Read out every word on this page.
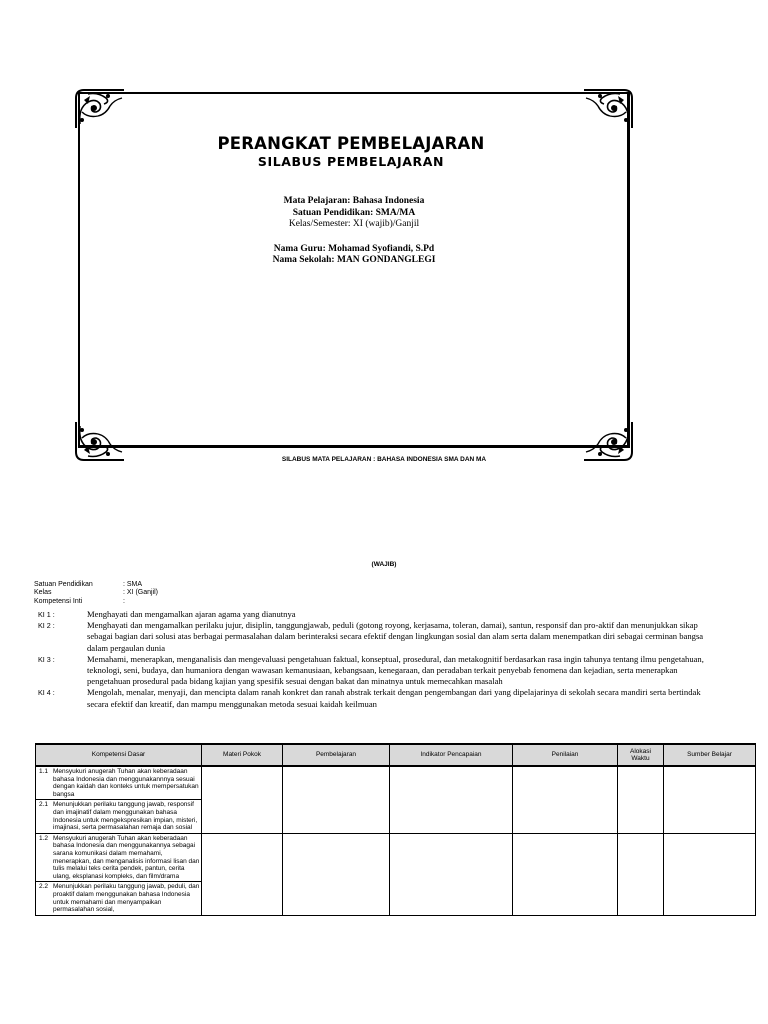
PERANGKAT PEMBELAJARAN
SILABUS PEMBELAJARAN
Mata Pelajaran: Bahasa Indonesia
Satuan Pendidikan: SMA/MA
Kelas/Semester: XI (wajib)/Ganjil
Nama Guru: Mohamad Syofiandi, S.Pd
Nama Sekolah: MAN GONDANGLEGI
SILABUS MATA PELAJARAN : BAHASA INDONESIA SMA DAN MA
(WAJIB)
Satuan Pendidikan	: SMA
Kelas	: XI (Ganjil)
Kompetensi Inti	:
KI 1 :	Menghayati dan mengamalkan ajaran agama yang dianutnya
KI 2 :	Menghayati dan mengamalkan perilaku jujur, disiplin, tanggungjawab, peduli (gotong royong, kerjasama, toleran, damai), santun, responsif dan pro-aktif dan menunjukkan sikap sebagai bagian dari solusi atas berbagai permasalahan dalam berinteraksi secara efektif dengan lingkungan sosial dan alam serta dalam menempatkan diri sebagai cerminan bangsa dalam pergaulan dunia
KI 3 :	Memahami, menerapkan, menganalisis dan mengevaluasi pengetahuan faktual, konseptual, prosedural, dan metakognitif berdasarkan rasa ingin tahunya tentang ilmu pengetahuan, teknologi, seni, budaya, dan humaniora dengan wawasan kemanusiaan, kebangsaan, kenegaraan, dan peradaban terkait penyebab fenomena dan kejadian, serta menerapkan pengetahuan prosedural pada bidang kajian yang spesifik sesuai dengan bakat dan minatnya untuk memecahkan masalah
KI 4 :	Mengolah, menalar, menyaji, dan mencipta dalam ranah konkret dan ranah abstrak terkait dengan pengembangan dari yang dipelajarinya di sekolah secara mandiri serta bertindak secara efektif dan kreatif, dan mampu menggunakan metoda sesuai kaidah keilmuan
Kompetensi Dasar	Materi Pokok	Pembelajaran	Indikator Pencapaian	Penilaian	Alokasi Waktu	Sumber Belajar

1.1 Mensyukuri anugerah Tuhan akan keberadaan bahasa Indonesia dan menggunakannnya sesuai dengan kaidah dan konteks untuk mempersatukan bangsa
2.1 Menunjukkan perilaku tanggung jawab, responsif dan imajinatif dalam menggunakan bahasa Indonesia untuk mengekspresikan impian, misteri, imajinasi, serta permasalahan remaja dan sosial						

1.2 Mensyukuri anugerah Tuhan akan keberadaan bahasa Indonesia dan menggunakannya sebagai sarana komunikasi dalam memahami, menerapkan, dan menganalisis informasi lisan dan tulis melalui teks cerita pendek, pantun, cerita ulang, eksplanasi kompleks, dan film/drama
2.2 Menunjukkan perilaku tanggung jawab, peduli, dan proaktif dalam menggunakan bahasa Indonesia untuk memahami dan menyampaikan permasalahan sosial,						
